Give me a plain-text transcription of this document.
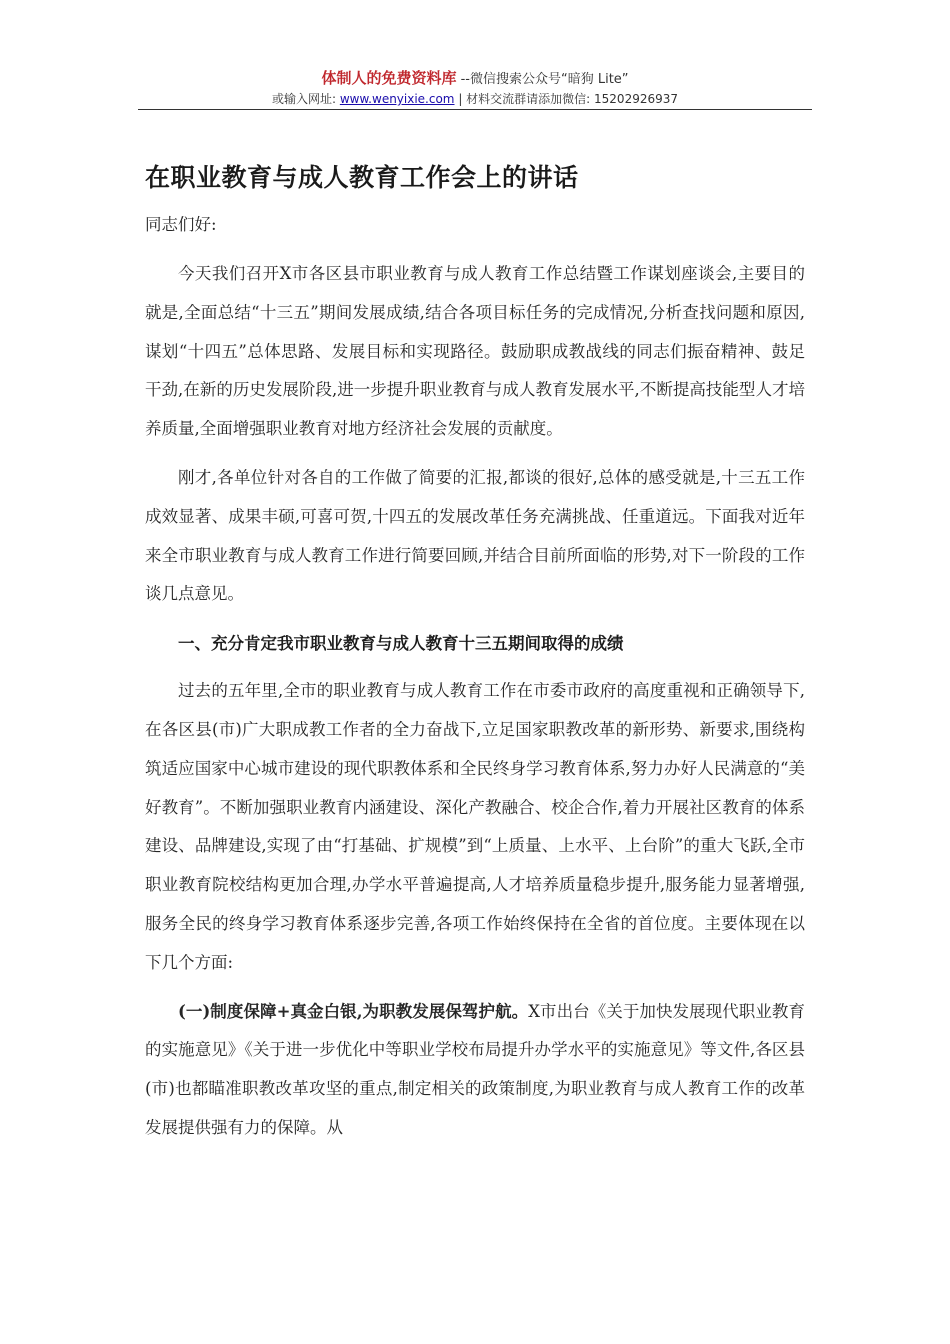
体制人的免费资料库 --微信搜索公众号“暗狗 Lite”
或输入网址: www.wenyixie.com | 材料交流群请添加微信: 15202926937
在职业教育与成人教育工作会上的讲话

同志们好:

今天我们召开X市各区县市职业教育与成人教育工作总结暨工作谋划座谈会,主要目的就是,全面总结“十三五”期间发展成绩,结合各项目标任务的完成情况,分析查找问题和原因,谋划“十四五”总体思路、发展目标和实现路径。鼓励职成教战线的同志们振奋精神、鼓足干劲,在新的历史发展阶段,进一步提升职业教育与成人教育发展水平,不断提高技能型人才培养质量,全面增强职业教育对地方经济社会发展的贡献度。

刚才,各单位针对各自的工作做了简要的汇报,都谈的很好,总体的感受就是,十三五工作成效显著、成果丰硕,可喜可贺,十四五的发展改革任务充满挑战、任重道远。下面我对近年来全市职业教育与成人教育工作进行简要回顾,并结合目前所面临的形势,对下一阶段的工作谈几点意见。

一、充分肯定我市职业教育与成人教育十三五期间取得的成绩

过去的五年里,全市的职业教育与成人教育工作在市委市政府的高度重视和正确领导下,在各区县(市)广大职成教工作者的全力奋战下,立足国家职教改革的新形势、新要求,围绕构筑适应国家中心城市建设的现代职教体系和全民终身学习教育体系,努力办好人民满意的“美好教育”。不断加强职业教育内涵建设、深化产教融合、校企合作,着力开展社区教育的体系建设、品牌建设,实现了由“打基础、扩规模”到“上质量、上水平、上台阶”的重大飞跃,全市职业教育院校结构更加合理,办学水平普遍提高,人才培养质量稳步提升,服务能力显著增强,服务全民的终身学习教育体系逐步完善,各项工作始终保持在全省的首位度。主要体现在以下几个方面:

(一)制度保障+真金白银,为职教发展保驾护航。X市出台《关于加快发展现代职业教育的实施意见》《关于进一步优化中等职业学校布局提升办学水平的实施意见》等文件,各区县(市)也都瞄准职教改革攻坚的重点,制定相关的政策制度,为职业教育与成人教育工作的改革发展提供强有力的保障。从
